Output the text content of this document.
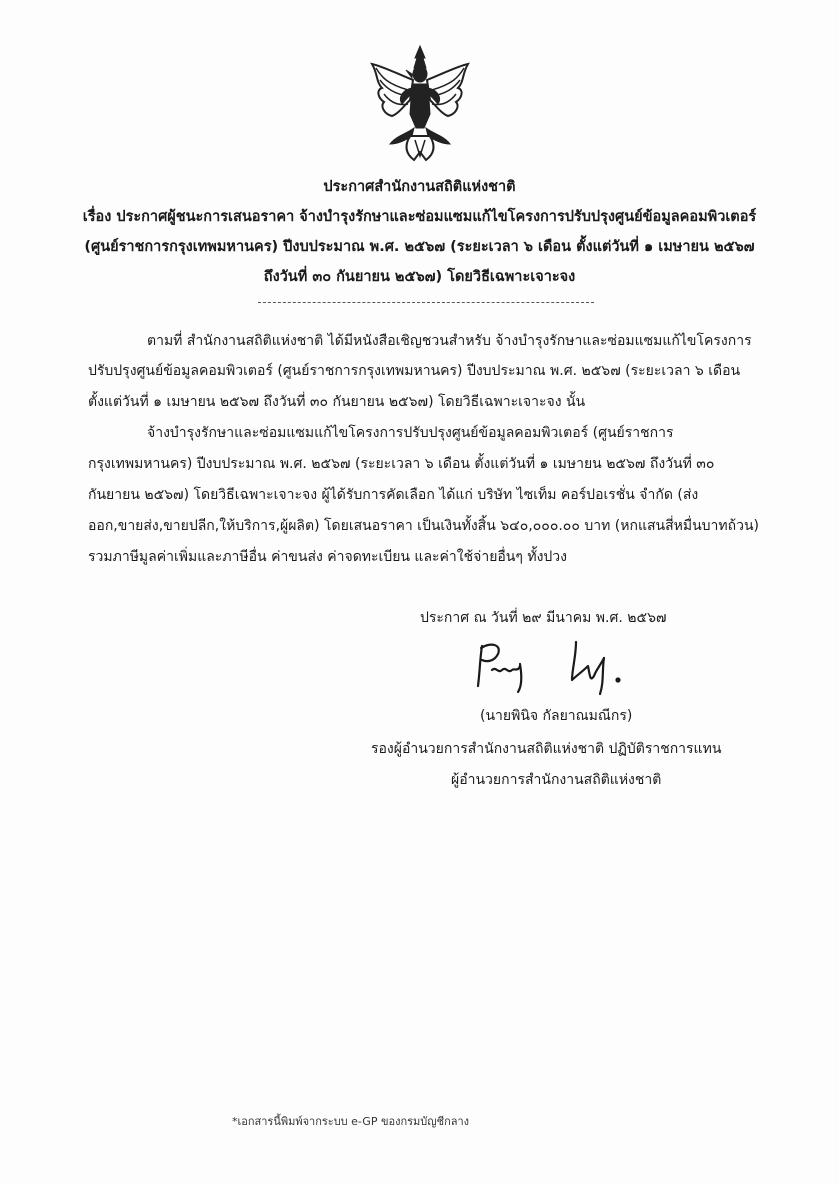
ประกาศสำนักงานสถิติแห่งชาติ
เรื่อง ประกาศผู้ชนะการเสนอราคา จ้างบำรุงรักษาและซ่อมแซมแก้ไขโครงการปรับปรุงศูนย์ข้อมูลคอมพิวเตอร์
(ศูนย์ราชการกรุงเทพมหานคร) ปีงบประมาณ พ.ศ. ๒๕๖๗ (ระยะเวลา ๖ เดือน ตั้งแต่วันที่ ๑ เมษายน ๒๕๖๗
ถึงวันที่ ๓๐ กันยายน ๒๕๖๗) โดยวิธีเฉพาะเจาะจง
ตามที่ สำนักงานสถิติแห่งชาติ ได้มีหนังสือเชิญชวนสำหรับ จ้างบำรุงรักษาและซ่อมแซมแก้ไขโครงการ
ปรับปรุงศูนย์ข้อมูลคอมพิวเตอร์ (ศูนย์ราชการกรุงเทพมหานคร) ปีงบประมาณ พ.ศ. ๒๕๖๗ (ระยะเวลา ๖ เดือน
ตั้งแต่วันที่ ๑ เมษายน ๒๕๖๗ ถึงวันที่ ๓๐ กันยายน ๒๕๖๗) โดยวิธีเฉพาะเจาะจง นั้น
จ้างบำรุงรักษาและซ่อมแซมแก้ไขโครงการปรับปรุงศูนย์ข้อมูลคอมพิวเตอร์ (ศูนย์ราชการ
กรุงเทพมหานคร) ปีงบประมาณ พ.ศ. ๒๕๖๗ (ระยะเวลา ๖ เดือน ตั้งแต่วันที่ ๑ เมษายน ๒๕๖๗ ถึงวันที่ ๓๐
กันยายน ๒๕๖๗) โดยวิธีเฉพาะเจาะจง ผู้ได้รับการคัดเลือก ได้แก่ บริษัท ไซเท็ม คอร์ปอเรชั่น จำกัด (ส่ง
ออก,ขายส่ง,ขายปลีก,ให้บริการ,ผู้ผลิต) โดยเสนอราคา เป็นเงินทั้งสิ้น ๖๔๐,๐๐๐.๐๐ บาท (หกแสนสี่หมื่นบาทถ้วน)
รวมภาษีมูลค่าเพิ่มและภาษีอื่น ค่าขนส่ง ค่าจดทะเบียน และค่าใช้จ่ายอื่นๆ ทั้งปวง
ประกาศ ณ วันที่ ๒๙ มีนาคม พ.ศ. ๒๕๖๗
(นายพินิจ กัลยาณมณีกร)
รองผู้อำนวยการสำนักงานสถิติแห่งชาติ ปฏิบัติราชการแทน
ผู้อำนวยการสำนักงานสถิติแห่งชาติ
*เอกสารนี้พิมพ์จากระบบ e-GP ของกรมบัญชีกลาง
